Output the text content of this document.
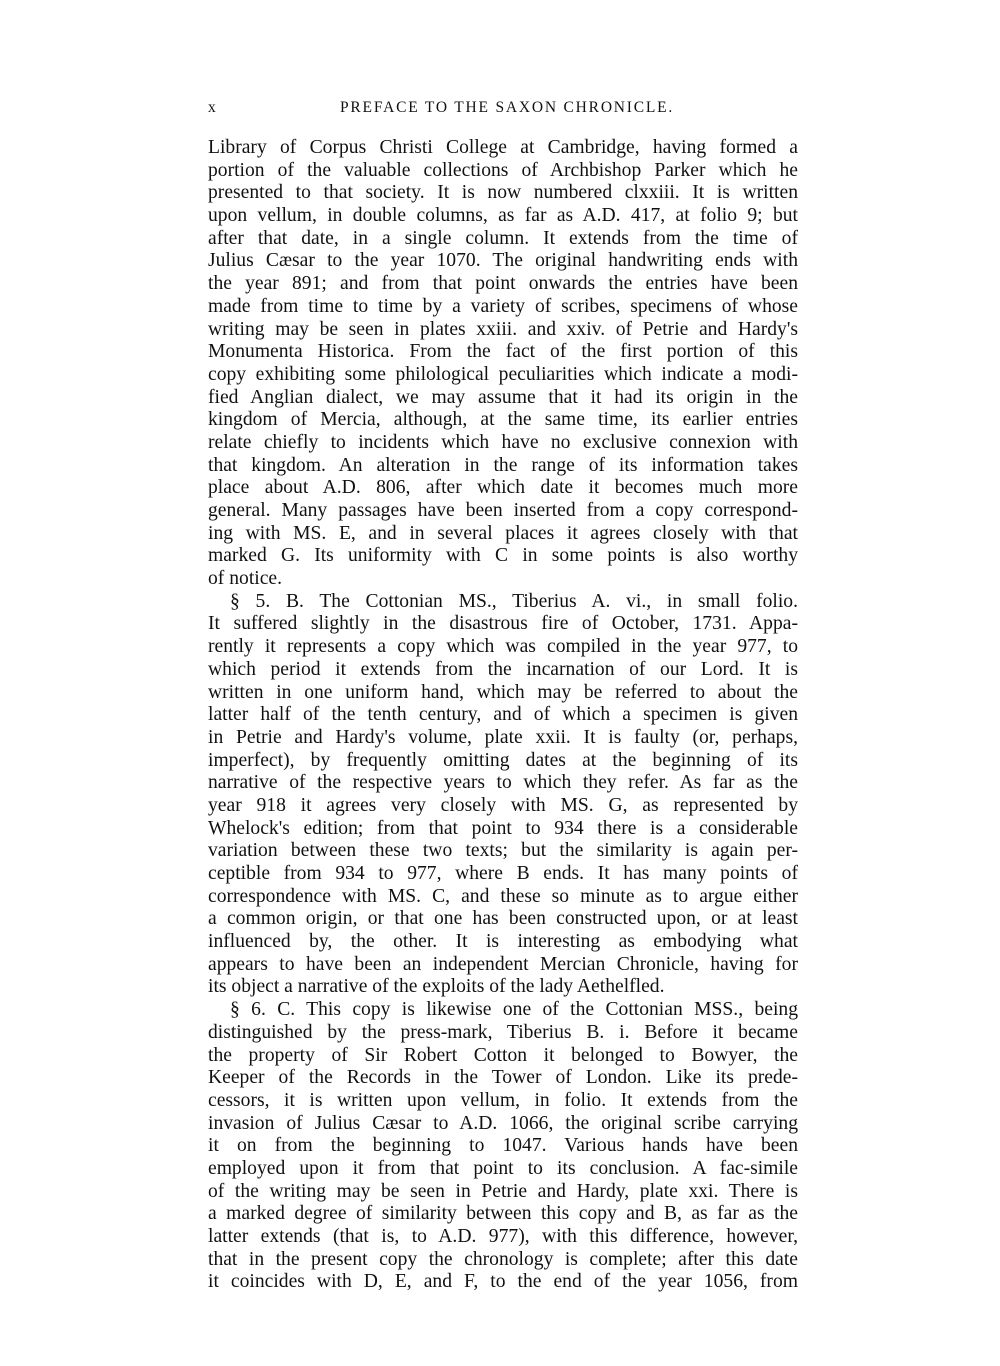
x	PREFACE TO THE SAXON CHRONICLE.
Library of Corpus Christi College at Cambridge, having formed a
portion of the valuable collections of Archbishop Parker which he
presented to that society. It is now numbered clxxiii. It is written
upon vellum, in double columns, as far as A.D. 417, at folio 9; but
after that date, in a single column. It extends from the time of
Julius Cæsar to the year 1070. The original handwriting ends with
the year 891; and from that point onwards the entries have been
made from time to time by a variety of scribes, specimens of whose
writing may be seen in plates xxiii. and xxiv. of Petrie and Hardy's
Monumenta Historica. From the fact of the first portion of this
copy exhibiting some philological peculiarities which indicate a modi-
fied Anglian dialect, we may assume that it had its origin in the
kingdom of Mercia, although, at the same time, its earlier entries
relate chiefly to incidents which have no exclusive connexion with
that kingdom. An alteration in the range of its information takes
place about A.D. 806, after which date it becomes much more
general. Many passages have been inserted from a copy correspond-
ing with MS. E, and in several places it agrees closely with that
marked G. Its uniformity with C in some points is also worthy
of notice.
§ 5. B. The Cottonian MS., Tiberius A. vi., in small folio.
It suffered slightly in the disastrous fire of October, 1731. Appa-
rently it represents a copy which was compiled in the year 977, to
which period it extends from the incarnation of our Lord. It is
written in one uniform hand, which may be referred to about the
latter half of the tenth century, and of which a specimen is given
in Petrie and Hardy's volume, plate xxii. It is faulty (or, perhaps,
imperfect), by frequently omitting dates at the beginning of its
narrative of the respective years to which they refer. As far as the
year 918 it agrees very closely with MS. G, as represented by
Whelock's edition; from that point to 934 there is a considerable
variation between these two texts; but the similarity is again per-
ceptible from 934 to 977, where B ends. It has many points of
correspondence with MS. C, and these so minute as to argue either
a common origin, or that one has been constructed upon, or at least
influenced by, the other. It is interesting as embodying what
appears to have been an independent Mercian Chronicle, having for
its object a narrative of the exploits of the lady Aethelfled.
§ 6. C. This copy is likewise one of the Cottonian MSS., being
distinguished by the press-mark, Tiberius B. i. Before it became
the property of Sir Robert Cotton it belonged to Bowyer, the
Keeper of the Records in the Tower of London. Like its prede-
cessors, it is written upon vellum, in folio. It extends from the
invasion of Julius Cæsar to A.D. 1066, the original scribe carrying
it on from the beginning to 1047. Various hands have been
employed upon it from that point to its conclusion. A fac-simile
of the writing may be seen in Petrie and Hardy, plate xxi. There is
a marked degree of similarity between this copy and B, as far as the
latter extends (that is, to A.D. 977), with this difference, however,
that in the present copy the chronology is complete; after this date
it coincides with D, E, and F, to the end of the year 1056, from
